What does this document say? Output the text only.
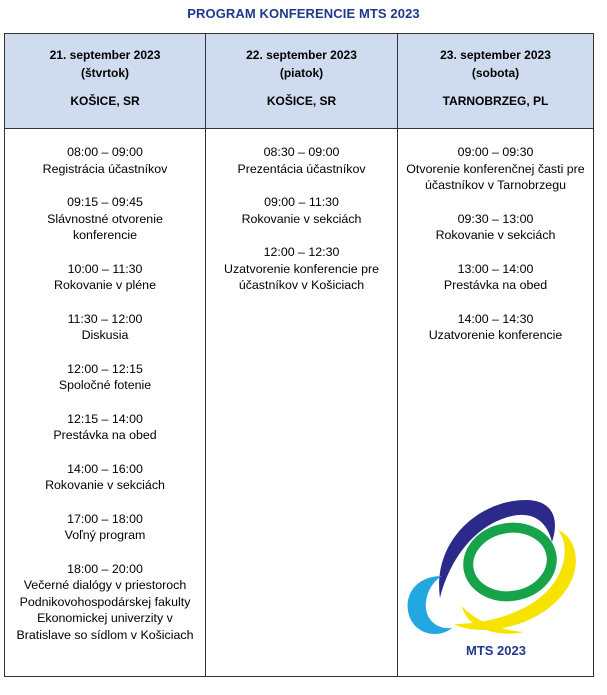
PROGRAM KONFERENCIE MTS 2023
21. september 2023
(štvrtok)
KOŠICE, SR
08:00 – 09:00
Registrácia účastníkov
09:15 – 09:45
Slávnostné otvorenie konferencie
10:00 – 11:30
Rokovanie v pléne
11:30 – 12:00
Diskusia
12:00 – 12:15
Spoločné fotenie
12:15 – 14:00
Prestávka na obed
14:00 – 16:00
Rokovanie v sekciách
17:00 – 18:00
Voľný program
18:00 – 20:00
Večerné dialógy v priestoroch Podnikovohospodárskej fakulty Ekonomickej univerzity v Bratislave so sídlom v Košiciach
22. september 2023
(piatok)
KOŠICE, SR
08:30 – 09:00
Prezentácia účastníkov
09:00 – 11:30
Rokovanie v sekciách
12:00 – 12:30
Uzatvorenie konferencie pre účastníkov v Košiciach
23. september 2023
(sobota)
TARNOBRZEG, PL
09:00 – 09:30
Otvorenie konferenčnej časti pre účastníkov v Tarnobrzegu
09:30 – 13:00
Rokovanie v sekciách
13:00 – 14:00
Prestávka na obed
14:00 – 14:30
Uzatvorenie konferencie
MTS 2023
